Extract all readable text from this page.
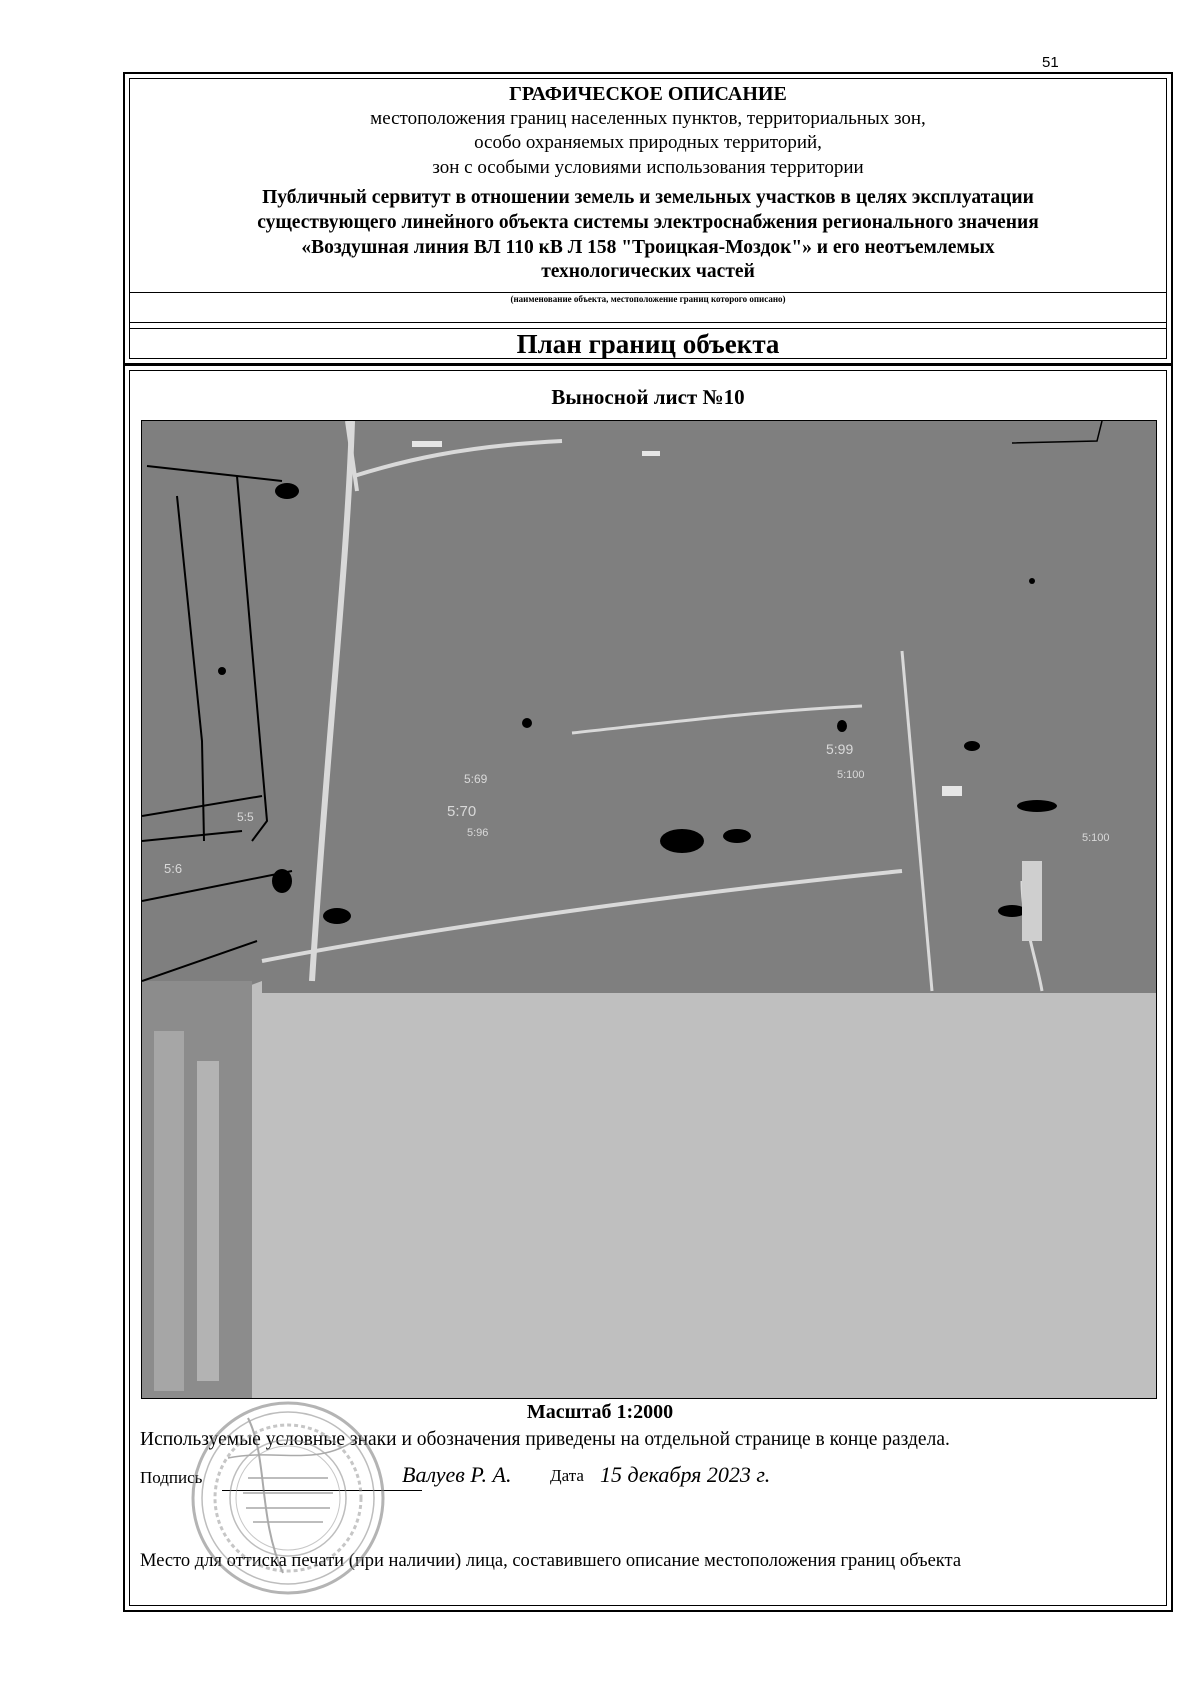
51
ГРАФИЧЕСКОЕ ОПИСАНИЕ
местоположения границ населенных пунктов, территориальных зон,
особо охраняемых природных территорий,
зон с особыми условиями использования территории
Публичный сервитут в отношении земель и земельных участков в целях эксплуатации
существующего линейного объекта системы электроснабжения регионального значения
«Воздушная линия ВЛ 110 кВ Л 158 "Троицкая-Моздок"» и его неотъемлемых
технологических частей
(наименование объекта, местоположение границ которого описано)
План границ объекта
Выносной лист №10
5:5
5:6
5:69
5:70
5:96
5:99
5:100
5:100
Масштаб 1:2000
Используемые условные знаки и обозначения приведены на отдельной странице в конце раздела.
Подпись	Валуев Р. А. Дата 15 декабря 2023 г.
Место для оттиска печати (при наличии) лица, составившего описание местоположения границ объекта
